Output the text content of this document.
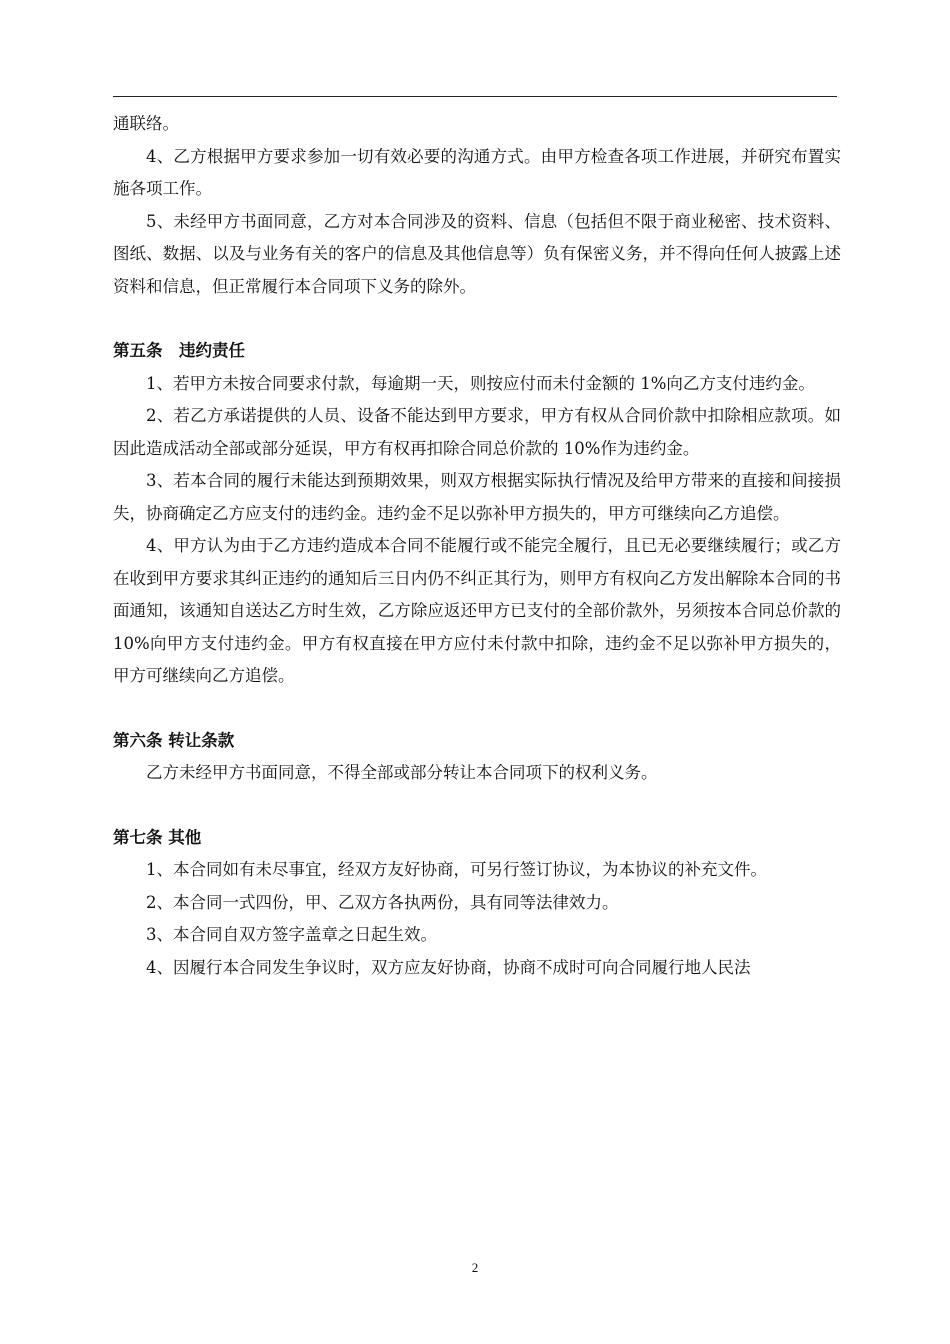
通联络。

4、乙方根据甲方要求参加一切有效必要的沟通方式。由甲方检查各项工作进展，并研究布置实施各项工作。

5、未经甲方书面同意，乙方对本合同涉及的资料、信息（包括但不限于商业秘密、技术资料、图纸、数据、以及与业务有关的客户的信息及其他信息等）负有保密义务，并不得向任何人披露上述资料和信息，但正常履行本合同项下义务的除外。

第五条　违约责任

1、若甲方未按合同要求付款，每逾期一天，则按应付而未付金额的 1%向乙方支付违约金。

2、若乙方承诺提供的人员、设备不能达到甲方要求，甲方有权从合同价款中扣除相应款项。如因此造成活动全部或部分延误，甲方有权再扣除合同总价款的 10%作为违约金。

3、若本合同的履行未能达到预期效果，则双方根据实际执行情况及给甲方带来的直接和间接损失，协商确定乙方应支付的违约金。违约金不足以弥补甲方损失的，甲方可继续向乙方追偿。

4、甲方认为由于乙方违约造成本合同不能履行或不能完全履行，且已无必要继续履行；或乙方在收到甲方要求其纠正违约的通知后三日内仍不纠正其行为，则甲方有权向乙方发出解除本合同的书面通知，该通知自送达乙方时生效，乙方除应返还甲方已支付的全部价款外，另须按本合同总价款的 10%向甲方支付违约金。甲方有权直接在甲方应付未付款中扣除，违约金不足以弥补甲方损失的，甲方可继续向乙方追偿。

第六条 转让条款

乙方未经甲方书面同意，不得全部或部分转让本合同项下的权利义务。

第七条 其他

1、本合同如有未尽事宜，经双方友好协商，可另行签订协议，为本协议的补充文件。

2、本合同一式四份，甲、乙双方各执两份，具有同等法律效力。

3、本合同自双方签字盖章之日起生效。

4、因履行本合同发生争议时，双方应友好协商，协商不成时可向合同履行地人民法

2
